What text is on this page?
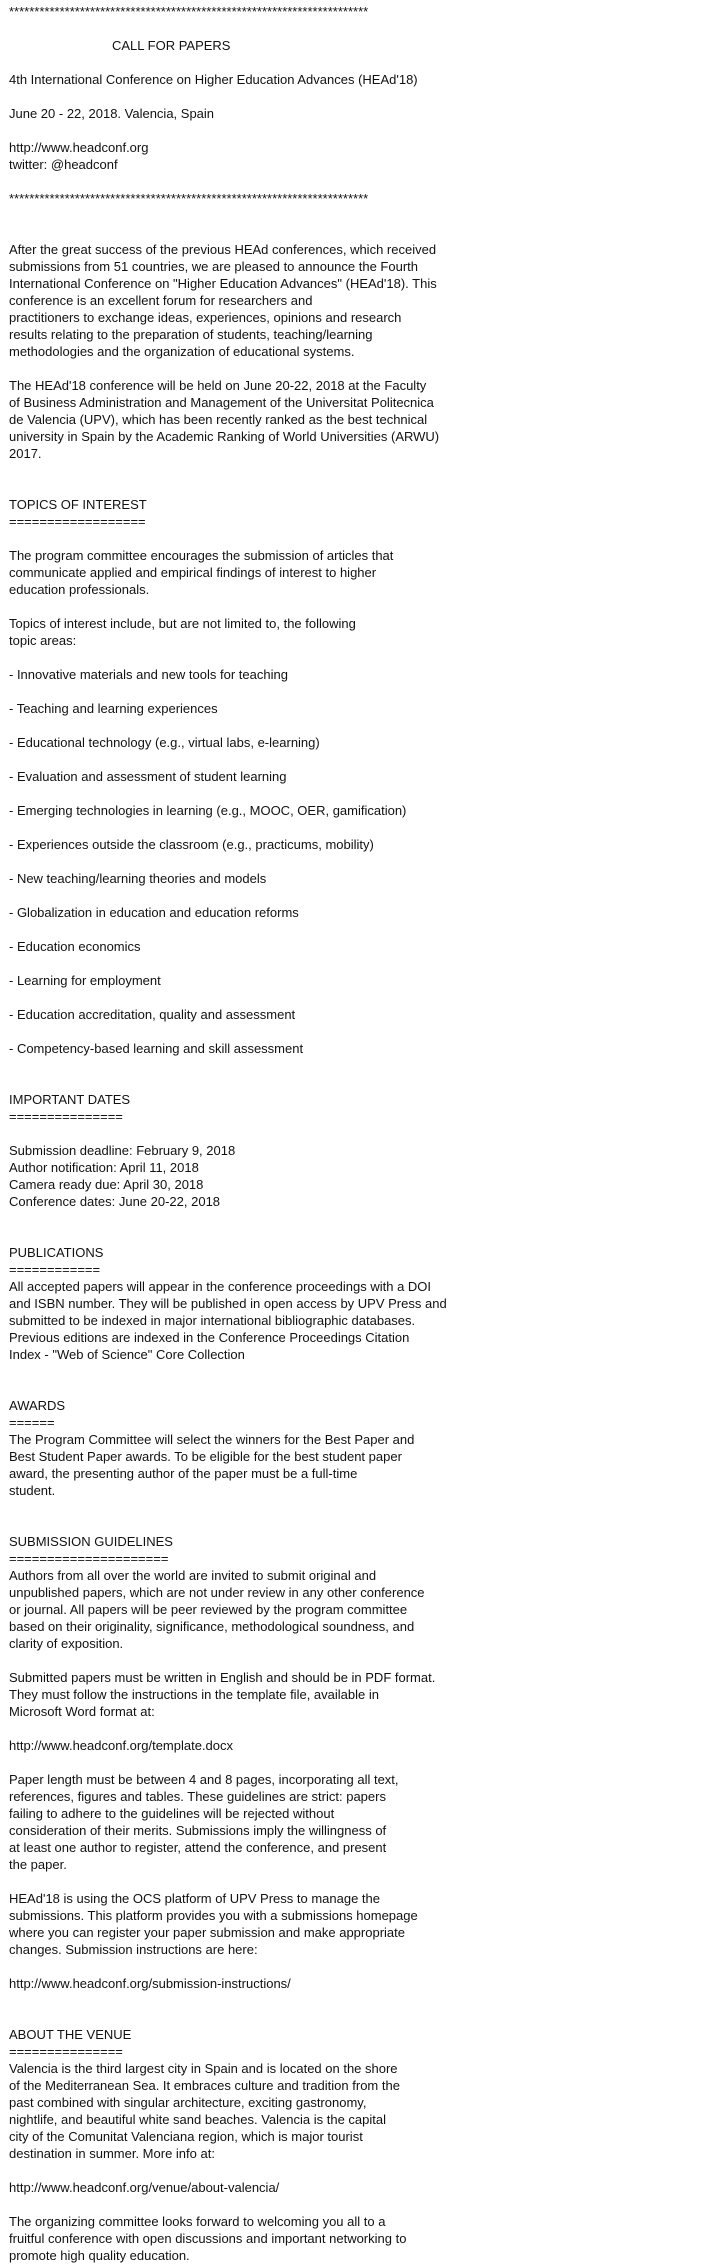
***********************************************************************
CALL FOR PAPERS
4th International Conference on Higher Education Advances (HEAd'18)
June 20 - 22, 2018. Valencia, Spain
http://www.headconf.org
twitter: @headconf
***********************************************************************
After the great success of the previous HEAd conferences, which received
submissions from 51 countries, we are pleased to announce the Fourth
International Conference on "Higher Education Advances" (HEAd'18). This
conference is an excellent forum for researchers and
practitioners to exchange ideas, experiences, opinions and research
results relating to the preparation of students, teaching/learning
methodologies and the organization of educational systems.
The HEAd'18 conference will be held on June 20-22, 2018 at the Faculty
of Business Administration and Management of the Universitat Politecnica
de Valencia (UPV), which has been recently ranked as the best technical
university in Spain by the Academic Ranking of World Universities (ARWU)
2017.
TOPICS OF INTEREST
==================
The program committee encourages the submission of articles that
communicate applied and empirical findings of interest to higher
education professionals.
Topics of interest include, but are not limited to, the following
topic areas:
- Innovative materials and new tools for teaching
- Teaching and learning experiences
- Educational technology (e.g., virtual labs, e-learning)
- Evaluation and assessment of student learning
- Emerging technologies in learning (e.g., MOOC, OER, gamification)
- Experiences outside the classroom (e.g., practicums, mobility)
- New teaching/learning theories and models
- Globalization in education and education reforms
- Education economics
- Learning for employment
- Education accreditation, quality and assessment
- Competency-based learning and skill assessment
IMPORTANT DATES
===============
Submission deadline: February 9, 2018
Author notification: April 11, 2018
Camera ready due: April 30, 2018
Conference dates: June 20-22, 2018
PUBLICATIONS
============
All accepted papers will appear in the conference proceedings with a DOI
and ISBN number. They will be published in open access by UPV Press and
submitted to be indexed in major international bibliographic databases.
Previous editions are indexed in the Conference Proceedings Citation
Index - "Web of Science" Core Collection
AWARDS
======
The Program Committee will select the winners for the Best Paper and
Best Student Paper awards. To be eligible for the best student paper
award, the presenting author of the paper must be a full-time
student.
SUBMISSION GUIDELINES
=====================
Authors from all over the world are invited to submit original and
unpublished papers, which are not under review in any other conference
or journal. All papers will be peer reviewed by the program committee
based on their originality, significance, methodological soundness, and
clarity of exposition.
Submitted papers must be written in English and should be in PDF format.
They must follow the instructions in the template file, available in
Microsoft Word format at:
http://www.headconf.org/template.docx
Paper length must be between 4 and 8 pages, incorporating all text,
references, figures and tables. These guidelines are strict: papers
failing to adhere to the guidelines will be rejected without
consideration of their merits. Submissions imply the willingness of
at least one author to register, attend the conference, and present
the paper.
HEAd'18 is using the OCS platform of UPV Press to manage the
submissions. This platform provides you with a submissions homepage
where you can register your paper submission and make appropriate
changes. Submission instructions are here:
http://www.headconf.org/submission-instructions/
ABOUT THE VENUE
===============
Valencia is the third largest city in Spain and is located on the shore
of the Mediterranean Sea. It embraces culture and tradition from the
past combined with singular architecture, exciting gastronomy,
nightlife, and beautiful white sand beaches. Valencia is the capital
city of the Comunitat Valenciana region, which is major tourist
destination in summer. More info at:
http://www.headconf.org/venue/about-valencia/
The organizing committee looks forward to welcoming you all to a
fruitful conference with open discussions and important networking to
promote high quality education.
